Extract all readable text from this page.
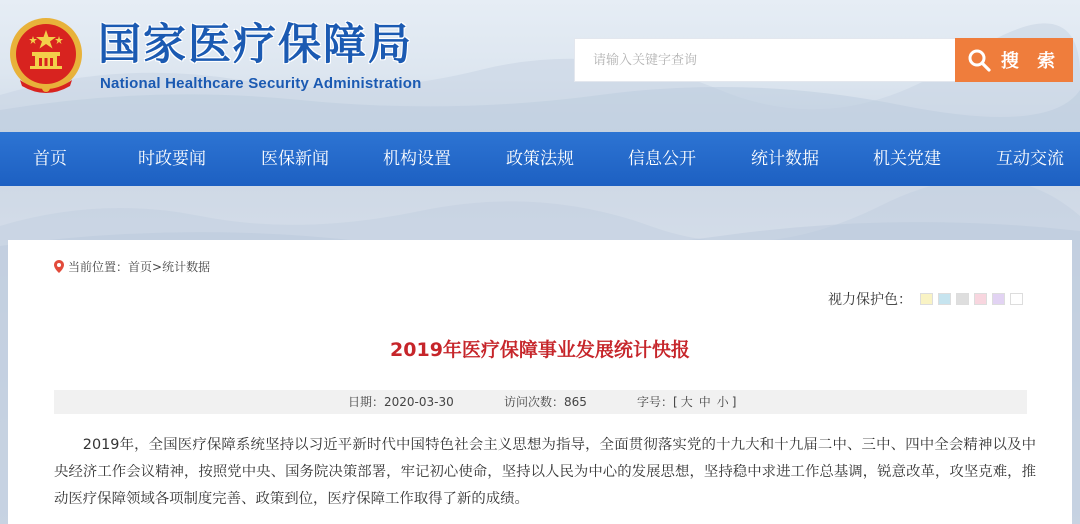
国家医疗保障局
National Healthcare Security Administration
请输入关键字查询
搜 索
首页	时政要闻	医保新闻	机构设置	政策法规	信息公开	统计数据	机关党建	互动交流
当前位置： 首页 > 统计数据
视力保护色：
2019年医疗保障事业发展统计快报
日期：2020-03-30	访问次数：865	字号：[ 大 中 小 ]

2019年，全国医疗保障系统坚持以习近平新时代中国特色社会主义思想为指导，全面贯彻落实党的十九大和十九届二中、三中、四中全会精神以及中央经济工作会议精神，按照党中央、国务院决策部署，牢记初心使命，坚持以人民为中心的发展思想，坚持稳中求进工作总基调，锐意改革，攻坚克难，推动医疗保障领域各项制度完善、政策到位，医疗保障工作取得了新的成绩。
